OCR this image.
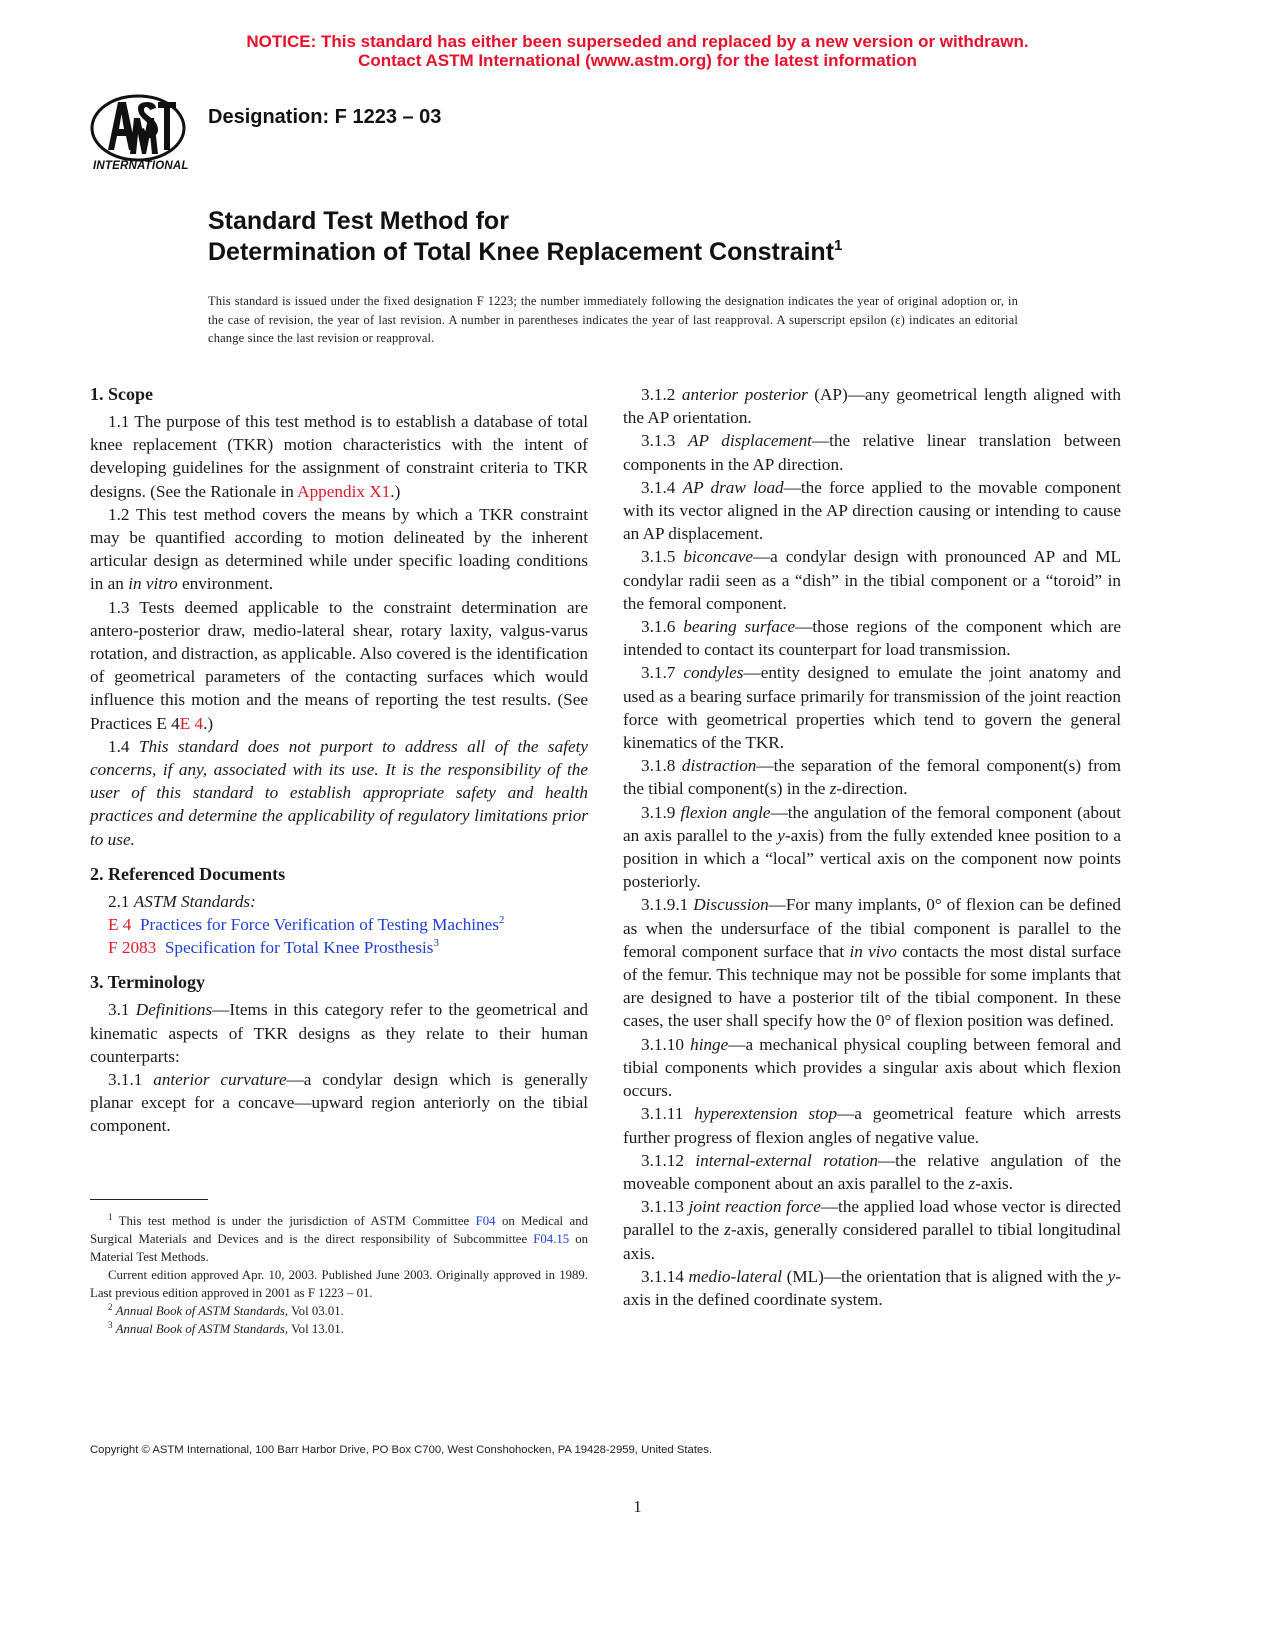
NOTICE: This standard has either been superseded and replaced by a new version or withdrawn.
Contact ASTM International (www.astm.org) for the latest information
INTERNATIONAL
Designation: F 1223 – 03
Standard Test Method for
Determination of Total Knee Replacement Constraint$^1$
This standard is issued under the fixed designation F 1223; the number immediately following the designation indicates the year of original adoption or, in the case of revision, the year of last revision. A number in parentheses indicates the year of last reapproval. A superscript epsilon (ε) indicates an editorial change since the last revision or reapproval.
1. Scope

1.1 The purpose of this test method is to establish a database of total knee replacement (TKR) motion characteristics with the intent of developing guidelines for the assignment of constraint criteria to TKR designs. (See the Rationale in Appendix X1.)

1.2 This test method covers the means by which a TKR constraint may be quantified according to motion delineated by the inherent articular design as determined while under specific loading conditions in an in vitro environment.

1.3 Tests deemed applicable to the constraint determination are antero-posterior draw, medio-lateral shear, rotary laxity, valgus-varus rotation, and distraction, as applicable. Also covered is the identification of geometrical parameters of the contacting surfaces which would influence this motion and the means of reporting the test results. (See Practices E 4E 4.)

1.4 This standard does not purport to address all of the safety concerns, if any, associated with its use. It is the responsibility of the user of this standard to establish appropriate safety and health practices and determine the applicability of regulatory limitations prior to use.

2. Referenced Documents

2.1 ASTM Standards:

E 4 Practices for Force Verification of Testing Machines$^2$
F 2083 Specification for Total Knee Prosthesis$^3$
3. Terminology

3.1 Definitions—Items in this category refer to the geometrical and kinematic aspects of TKR designs as they relate to their human counterparts:

3.1.1 anterior curvature—a condylar design which is generally planar except for a concave—upward region anteriorly on the tibial component.

3.1.2 anterior posterior (AP)—any geometrical length aligned with the AP orientation.

3.1.3 AP displacement—the relative linear translation between components in the AP direction.

3.1.4 AP draw load—the force applied to the movable component with its vector aligned in the AP direction causing or intending to cause an AP displacement.

3.1.5 biconcave—a condylar design with pronounced AP and ML condylar radii seen as a “dish” in the tibial component or a “toroid” in the femoral component.

3.1.6 bearing surface—those regions of the component which are intended to contact its counterpart for load transmission.

3.1.7 condyles—entity designed to emulate the joint anatomy and used as a bearing surface primarily for transmission of the joint reaction force with geometrical properties which tend to govern the general kinematics of the TKR.

3.1.8 distraction—the separation of the femoral component(s) from the tibial component(s) in the z-direction.

3.1.9 flexion angle—the angulation of the femoral component (about an axis parallel to the y-axis) from the fully extended knee position to a position in which a “local” vertical axis on the component now points posteriorly.

3.1.9.1 Discussion—For many implants, 0° of flexion can be defined as when the undersurface of the tibial component is parallel to the femoral component surface that in vivo contacts the most distal surface of the femur. This technique may not be possible for some implants that are designed to have a posterior tilt of the tibial component. In these cases, the user shall specify how the 0° of flexion position was defined.

3.1.10 hinge—a mechanical physical coupling between femoral and tibial components which provides a singular axis about which flexion occurs.

3.1.11 hyperextension stop—a geometrical feature which arrests further progress of flexion angles of negative value.

3.1.12 internal-external rotation—the relative angulation of the moveable component about an axis parallel to the z-axis.

3.1.13 joint reaction force—the applied load whose vector is directed parallel to the z-axis, generally considered parallel to tibial longitudinal axis.

3.1.14 medio-lateral (ML)—the orientation that is aligned with the y-axis in the defined coordinate system.

$^1$ This test method is under the jurisdiction of ASTM Committee F04 on Medical and Surgical Materials and Devices and is the direct responsibility of Subcommittee F04.15 on Material Test Methods.

Current edition approved Apr. 10, 2003. Published June 2003. Originally approved in 1989. Last previous edition approved in 2001 as F 1223 – 01.

$^2$ Annual Book of ASTM Standards, Vol 03.01.

$^3$ Annual Book of ASTM Standards, Vol 13.01.

Copyright © ASTM International, 100 Barr Harbor Drive, PO Box C700, West Conshohocken, PA 19428-2959, United States.
1
